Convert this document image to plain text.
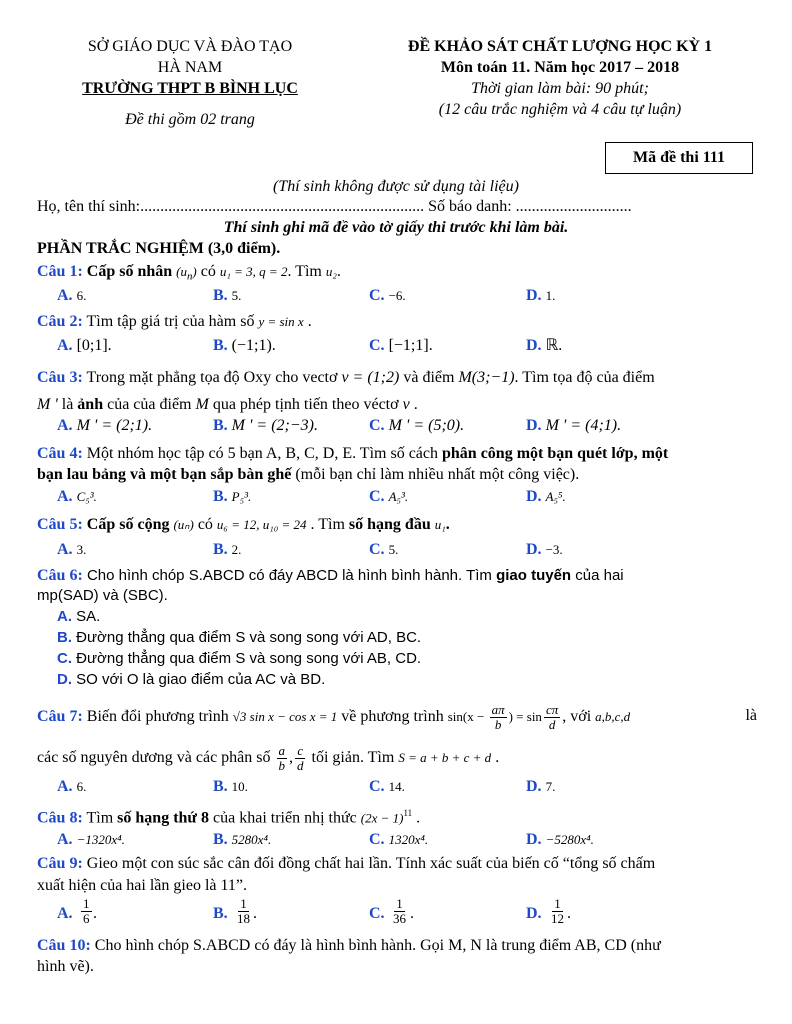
SỞ GIÁO DỤC VÀ ĐÀO TẠO
HÀ NAM
TRƯỜNG THPT B BÌNH LỤC
Đề thi gồm 02 trang
ĐỀ KHẢO SÁT CHẤT LƯỢNG HỌC KỲ 1
Môn toán 11. Năm học 2017 – 2018
Thời gian làm bài: 90 phút;
(12 câu trắc nghiệm và 4 câu tự luận)
Mã đề thi 111
(Thí sinh không được sử dụng tài liệu)
Họ, tên thí sinh:....................................................................... Số báo danh: .............................
Thí sinh ghi mã đề vào tờ giấy thi trước khi làm bài.
PHẦN TRẮC NGHIỆM (3,0 điểm).
Câu 1: Cấp số nhân $(u_n)$ có u₁ = 3, q = 2. Tìm u₂.
A. 6.	B. 5.	C. −6.	D. 1.
Câu 2: Tìm tập giá trị của hàm số y = sin x .
A. [0;1].	B. (−1;1).	C. [−1;1].	D. ℝ.
Câu 3: Trong mặt phẳng tọa độ Oxy cho vectơ v = (1;2) và điểm M(3;−1). Tìm tọa độ của điểm
M ' là ảnh của của điểm M qua phép tịnh tiến theo véctơ v .
A. M ' = (2;1).	B. M ' = (2;−3).	C. M ' = (5;0).	D. M ' = (4;1).
Câu 4: Một nhóm học tập có 5 bạn A, B, C, D, E. Tìm số cách phân công một bạn quét lớp, một
bạn lau bảng và một bạn sắp bàn ghế (mỗi bạn chỉ làm nhiều nhất một công việc).
A. C₅³.	B. P₅³.	C. A₅³.	D. A₅⁵.
Câu 5: Cấp số cộng (uₙ) có u₆ = 12, u₁₀ = 24 . Tìm số hạng đầu u₁.
A. 3.	B. 2.	C. 5.	D. −3.
Câu 6: Cho hình chóp S.ABCD có đáy ABCD là hình bình hành. Tìm giao tuyến của hai
mp(SAD) và (SBC).
A. SA.
B. Đường thẳng qua điểm S và song song với AD, BC.
C. Đường thẳng qua điểm S và song song với AB, CD.
D. SO với O là giao điểm của AC và BD.
Câu 7: Biến đổi phương trình √3 sin x − cos x = 1 về phương trình $\sin(x - \frac{a\pi}{b}$ ) = $\sin \frac{c\pi}{d}$ , với a,b,c,d	là
các số nguyên dương và các phân số $\frac{a}{b}$ , $\frac{c}{d}$ tối giản. Tìm S = a + b + c + d .
A. 6.	B. 10.	C. 14.	D. 7.
Câu 8: Tìm số hạng thứ 8 của khai triển nhị thức $(2x - 1)^{11}$ .
A. −1320x⁴.	B. 5280x⁴.	C. 1320x⁴.	D. −5280x⁴.
Câu 9: Gieo một con súc sắc cân đối đồng chất hai lần. Tính xác suất của biến cố “tổng số chấm
xuất hiện của hai lần gieo là 11”.
A. $\frac{1}{6}$ .	B. $\frac{1}{18}$ .	C. $\frac{1}{36}$ .	D. $\frac{1}{12}$ .
Câu 10: Cho hình chóp S.ABCD có đáy là hình bình hành. Gọi M, N là trung điểm AB, CD (như
hình vẽ).
